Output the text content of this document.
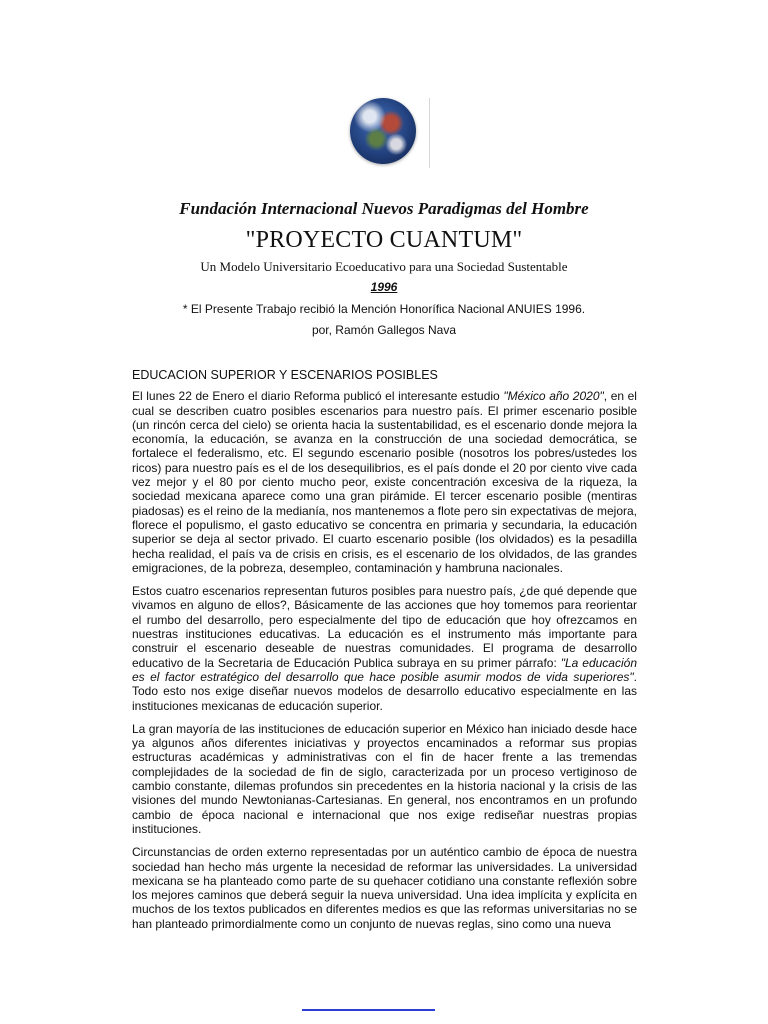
Fundación Internacional Nuevos Paradigmas del Hombre
"PROYECTO CUANTUM"
Un Modelo Universitario Ecoeducativo para una Sociedad Sustentable
1996
* El Presente Trabajo recibió la Mención Honorífica Nacional ANUIES 1996.
por, Ramón Gallegos Nava
EDUCACION SUPERIOR Y ESCENARIOS POSIBLES

El lunes 22 de Enero el diario Reforma publicó el interesante estudio "México año 2020", en el cual se describen cuatro posibles escenarios para nuestro país. El primer escenario posible (un rincón cerca del cielo) se orienta hacia la sustentabilidad, es el escenario donde mejora la economía, la educación, se avanza en la construcción de una sociedad democrática, se fortalece el federalismo, etc. El segundo escenario posible (nosotros los pobres/ustedes los ricos) para nuestro país es el de los desequilibrios, es el país donde el 20 por ciento vive cada vez mejor y el 80 por ciento mucho peor, existe concentración excesiva de la riqueza, la sociedad mexicana aparece como una gran pirámide. El tercer escenario posible (mentiras piadosas) es el reino de la medianía, nos mantenemos a flote pero sin expectativas de mejora, florece el populismo, el gasto educativo se concentra en primaria y secundaria, la educación superior se deja al sector privado. El cuarto escenario posible (los olvidados) es la pesadilla hecha realidad, el país va de crisis en crisis, es el escenario de los olvidados, de las grandes emigraciones, de la pobreza, desempleo, contaminación y hambruna nacionales.

Estos cuatro escenarios representan futuros posibles para nuestro país, ¿de qué depende que vivamos en alguno de ellos?, Básicamente de las acciones que hoy tomemos para reorientar el rumbo del desarrollo, pero especialmente del tipo de educación que hoy ofrezcamos en nuestras instituciones educativas. La educación es el instrumento más importante para construir el escenario deseable de nuestras comunidades. El programa de desarrollo educativo de la Secretaria de Educación Publica subraya en su primer párrafo: "La educación es el factor estratégico del desarrollo que hace posible asumir modos de vida superiores". Todo esto nos exige diseñar nuevos modelos de desarrollo educativo especialmente en las instituciones mexicanas de educación superior.

La gran mayoría de las instituciones de educación superior en México han iniciado desde hace ya algunos años diferentes iniciativas y proyectos encaminados a reformar sus propias estructuras académicas y administrativas con el fin de hacer frente a las tremendas complejidades de la sociedad de fin de siglo, caracterizada por un proceso vertiginoso de cambio constante, dilemas profundos sin precedentes en la historia nacional y la crisis de las visiones del mundo Newtonianas-Cartesianas. En general, nos encontramos en un profundo cambio de época nacional e internacional que nos exige rediseñar nuestras propias instituciones.

Circunstancias de orden externo representadas por un auténtico cambio de época de nuestra sociedad han hecho más urgente la necesidad de reformar las universidades. La universidad mexicana se ha planteado como parte de su quehacer cotidiano una constante reflexión sobre los mejores caminos que deberá seguir la nueva universidad. Una idea implícita y explícita en muchos de los textos publicados en diferentes medios es que las reformas universitarias no se han planteado primordialmente como un conjunto de nuevas reglas, sino como una nueva
